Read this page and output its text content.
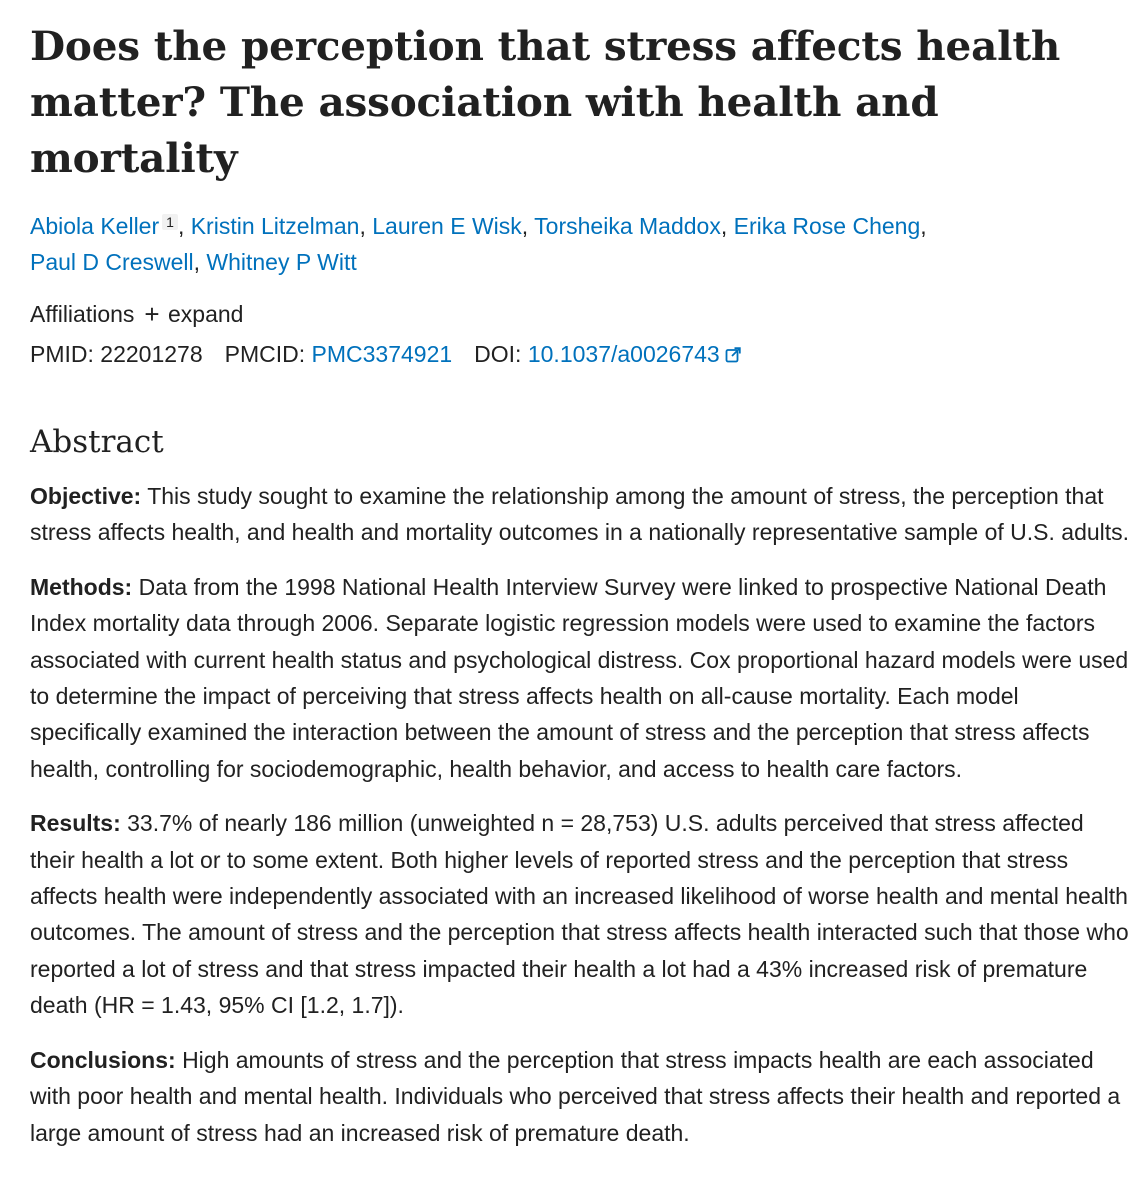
Does the perception that stress affects health matter? The association with health and mortality
Abiola Keller $^1$ , Kristin Litzelman, Lauren E Wisk, Torsheika Maddox, Erika Rose Cheng,
Paul D Creswell, Whitney P Witt
Affiliations + expand
PMID: 22201278 PMCID: PMC3374921 DOI: 10.1037/a0026743
Abstract

Objective: This study sought to examine the relationship among the amount of stress, the perception that stress affects health, and health and mortality outcomes in a nationally representative sample of U.S. adults.

Methods: Data from the 1998 National Health Interview Survey were linked to prospective National Death Index mortality data through 2006. Separate logistic regression models were used to examine the factors associated with current health status and psychological distress. Cox proportional hazard models were used to determine the impact of perceiving that stress affects health on all-cause mortality. Each model specifically examined the interaction between the amount of stress and the perception that stress affects health, controlling for sociodemographic, health behavior, and access to health care factors.

Results: 33.7% of nearly 186 million (unweighted n = 28,753) U.S. adults perceived that stress affected their health a lot or to some extent. Both higher levels of reported stress and the perception that stress affects health were independently associated with an increased likelihood of worse health and mental health outcomes. The amount of stress and the perception that stress affects health interacted such that those who reported a lot of stress and that stress impacted their health a lot had a 43% increased risk of premature death (HR = 1.43, 95% CI [1.2, 1.7]).

Conclusions: High amounts of stress and the perception that stress impacts health are each associated with poor health and mental health. Individuals who perceived that stress affects their health and reported a large amount of stress had an increased risk of premature death.
